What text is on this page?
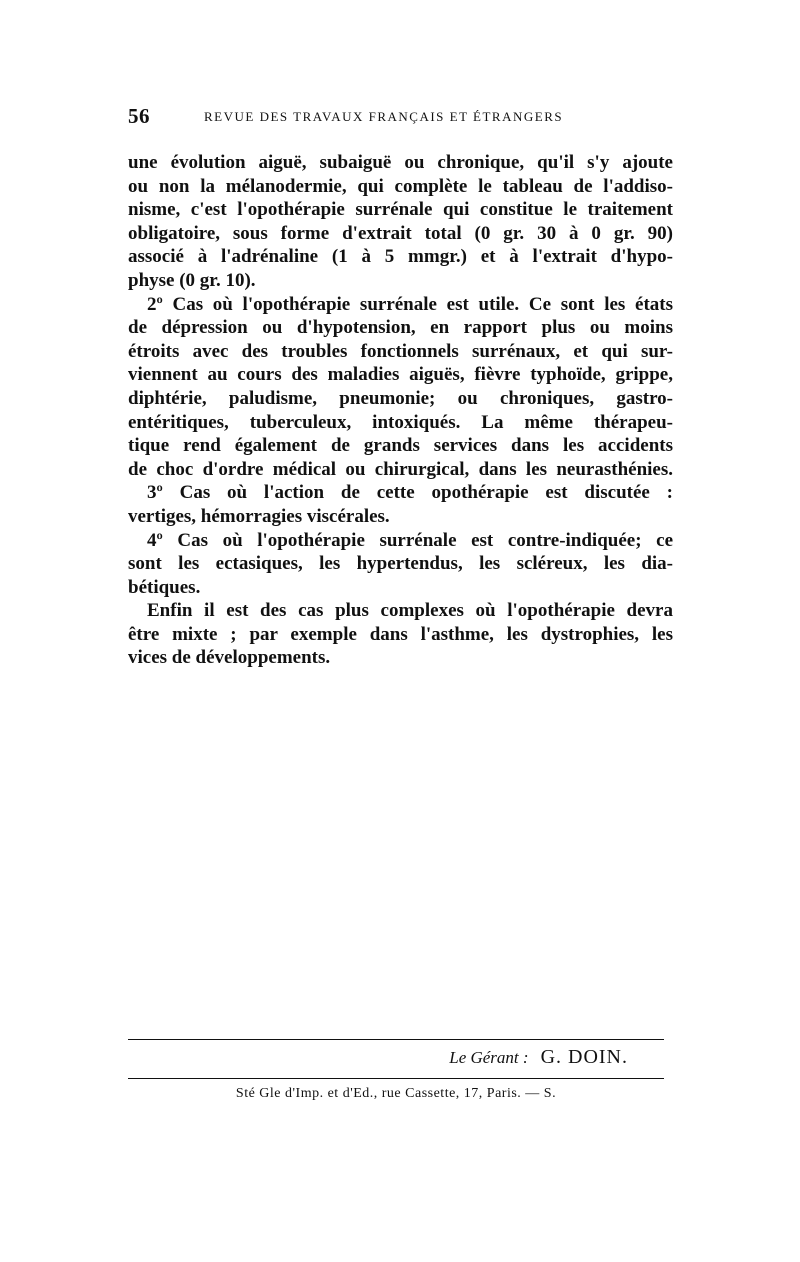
56	REVUE DES TRAVAUX FRANÇAIS ET ÉTRANGERS
une évolution aiguë, subaiguë ou chronique, qu'il s'y ajoute
ou non la mélanodermie, qui complète le tableau de l'addiso-
nisme, c'est l'opothérapie surrénale qui constitue le traitement
obligatoire, sous forme d'extrait total (0 gr. 30 à 0 gr. 90)
associé à l'adrénaline (1 à 5 mmgr.) et à l'extrait d'hypo-
physe (0 gr. 10).
2º Cas où l'opothérapie surrénale est utile. Ce sont les états
de dépression ou d'hypotension, en rapport plus ou moins
étroits avec des troubles fonctionnels surrénaux, et qui sur-
viennent au cours des maladies aiguës, fièvre typhoïde, grippe,
diphtérie, paludisme, pneumonie; ou chroniques, gastro-
entéritiques, tuberculeux, intoxiqués. La même thérapeu-
tique rend également de grands services dans les accidents
de choc d'ordre médical ou chirurgical, dans les neurasthénies.
3º Cas où l'action de cette opothérapie est discutée :
vertiges, hémorragies viscérales.
4º Cas où l'opothérapie surrénale est contre-indiquée; ce
sont les ectasiques, les hypertendus, les scléreux, les dia-
bétiques.
Enfin il est des cas plus complexes où l'opothérapie devra
être mixte ; par exemple dans l'asthme, les dystrophies, les
vices de développements.
Le Gérant : G. DOIN.
Sté Gle d'Imp. et d'Ed., rue Cassette, 17, Paris. — S.
